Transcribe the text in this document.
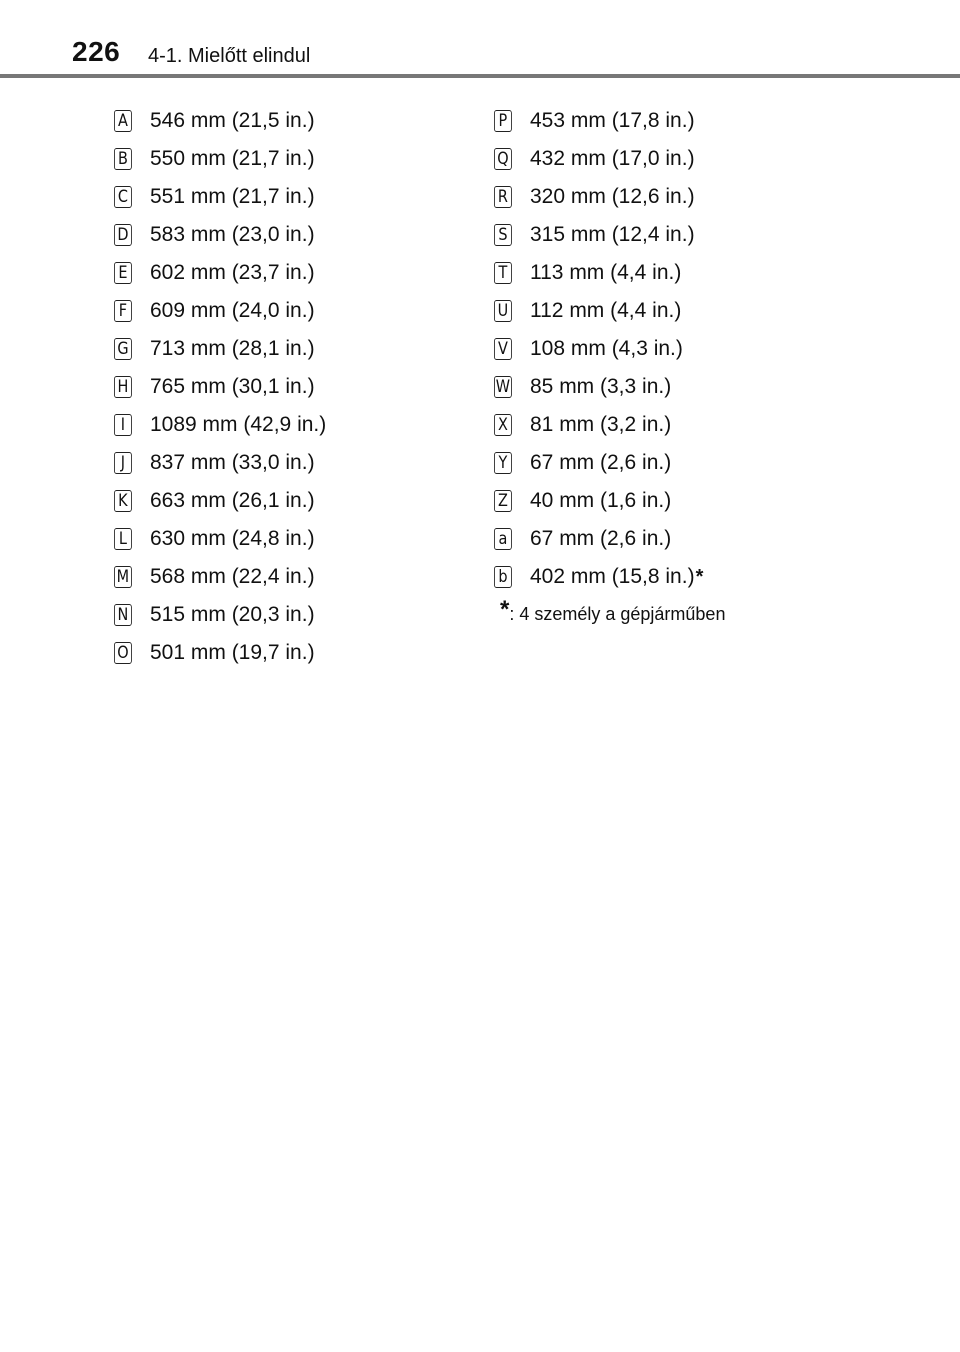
226 4-1. Mielőtt elindul
A 546 mm (21,5 in.)
B 550 mm (21,7 in.)
C 551 mm (21,7 in.)
D 583 mm (23,0 in.)
E 602 mm (23,7 in.)
F 609 mm (24,0 in.)
G 713 mm (28,1 in.)
H 765 mm (30,1 in.)
I	1089 mm (42,9 in.)
J	837 mm (33,0 in.)
K 663 mm (26,1 in.)
L 630 mm (24,8 in.)
M 568 mm (22,4 in.)
N 515 mm (20,3 in.)
O 501 mm (19,7 in.)
P 453 mm (17,8 in.)
Q 432 mm (17,0 in.)
R 320 mm (12,6 in.)
S 315 mm (12,4 in.)
T 113 mm (4,4 in.)
U 112 mm (4,4 in.)
V 108 mm (4,3 in.)
W 85 mm (3,3 in.)
X 81 mm (3,2 in.)
Y 67 mm (2,6 in.)
Z 40 mm (1,6 in.)
a 67 mm (2,6 in.)
b 402 mm (15,8 in.) *
*: 4 személy a gépjárműben
